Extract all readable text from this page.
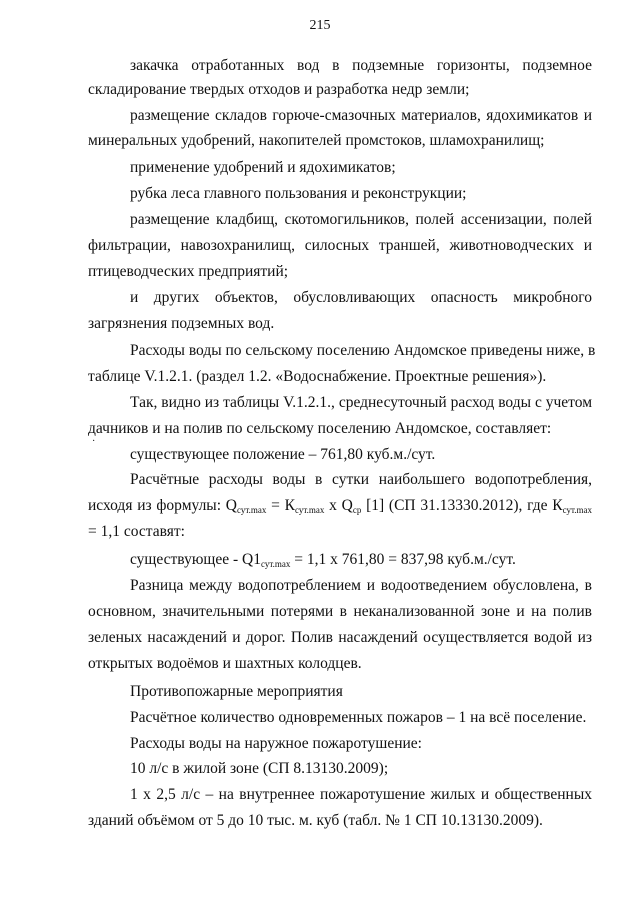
215
закачка отработанных вод в подземные горизонты, подземное
складирование твердых отходов и разработка недр земли;
размещение складов горюче-смазочных материалов, ядохимикатов и
минеральных удобрений, накопителей промстоков, шламохранилищ;
применение удобрений и ядохимикатов;
рубка леса главного пользования и реконструкции;
размещение кладбищ, скотомогильников, полей ассенизации, полей
фильтрации, навозохранилищ, силосных траншей, животноводческих и
птицеводческих предприятий;
и других объектов, обусловливающих опасность микробного
загрязнения подземных вод.
Расходы воды по сельскому поселению Андомское приведены ниже, в
таблице V.1.2.1. (раздел 1.2. «Водоснабжение. Проектные решения»).
Так, видно из таблицы V.1.2.1., среднесуточный расход воды с учетом
дачников и на полив по сельскому поселению Андомское, составляет:
·
существующее положение – 761,80 куб.м./сут.
Расчётные расходы воды в сутки наибольшего водопотребления,
исходя из формулы: $Q_{сут.max} = К_{сут.max}$ х $Q_{ср}$ [1] (СП 31.13330.2012), где $К_{сут.max}$
= 1,1 составят:
существующее - $Q1_{сут.max} = 1,1$ х 761,80 = 837,98 куб.м./сут.
Разница между водопотреблением и водоотведением обусловлена, в
основном, значительными потерями в неканализованной зоне и на полив
зеленых насаждений и дорог. Полив насаждений осуществляется водой из
открытых водоёмов и шахтных колодцев.
Противопожарные мероприятия
Расчётное количество одновременных пожаров – 1 на всё поселение.
Расходы воды на наружное пожаротушение:
10 л/с в жилой зоне (СП 8.13130.2009);
1 х 2,5 л/с – на внутреннее пожаротушение жилых и общественных
зданий объёмом от 5 до 10 тыс. м. куб (табл. № 1 СП 10.13130.2009).
